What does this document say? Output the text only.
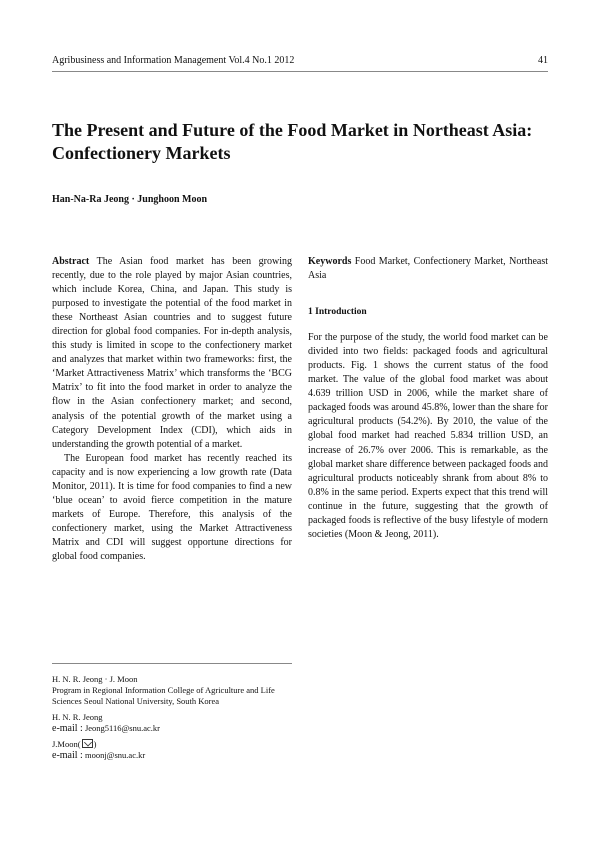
Agribusiness and Information Management Vol.4 No.1 2012	41
The Present and Future of the Food Market in Northeast Asia:
Confectionery Markets
Han-Na-Ra Jeong · Junghoon Moon

Abstract The Asian food market has been growing recently, due to the role played by major Asian countries, which include Korea, China, and Japan. This study is purposed to investigate the potential of the food market in these Northeast Asian countries and to suggest future direction for global food companies. For in-depth analysis, this study is limited in scope to the confectionery market and analyzes that market within two frameworks: first, the ‘Market Attractiveness Matrix’ which transforms the ‘BCG Matrix’ to fit into the food market in order to analyze the flow in the Asian confectionery market; and second, analysis of the potential growth of the market using a Category Development Index (CDI), which aids in understanding the growth potential of a market.

The European food market has recently reached its capacity and is now experiencing a low growth rate (Data Monitor, 2011). It is time for food companies to find a new ‘blue ocean’ to avoid fierce competition in the mature markets of Europe. Therefore, this analysis of the confectionery market, using the Market Attractiveness Matrix and CDI will suggest opportune directions for global food companies.

Keywords Food Market, Confectionery Market, Northeast Asia

1 Introduction

For the purpose of the study, the world food market can be divided into two fields: packaged foods and agricultural products. Fig. 1 shows the current status of the food market. The value of the global food market was about 4.639 trillion USD in 2006, while the market share of packaged foods was around 45.8%, lower than the share for agricultural products (54.2%). By 2010, the value of the global food market had reached 5.834 trillion USD, an increase of 26.7% over 2006. This is remarkable, as the global market share difference between packaged foods and agricultural products noticeably shrank from about 8% to 0.8% in the same period. Experts expect that this trend will continue in the future, suggesting that the growth of packaged foods is reflective of the busy lifestyle of modern societies (Moon & Jeong, 2011).

H. N. R. Jeong · J. Moon

Program in Regional Information College of Agriculture and Life

Sciences Seoul National University, South Korea

H. N. R. Jeong

e-mail : Jeong5116@snu.ac.kr

J.Moon( )

e-mail : moonj@snu.ac.kr
